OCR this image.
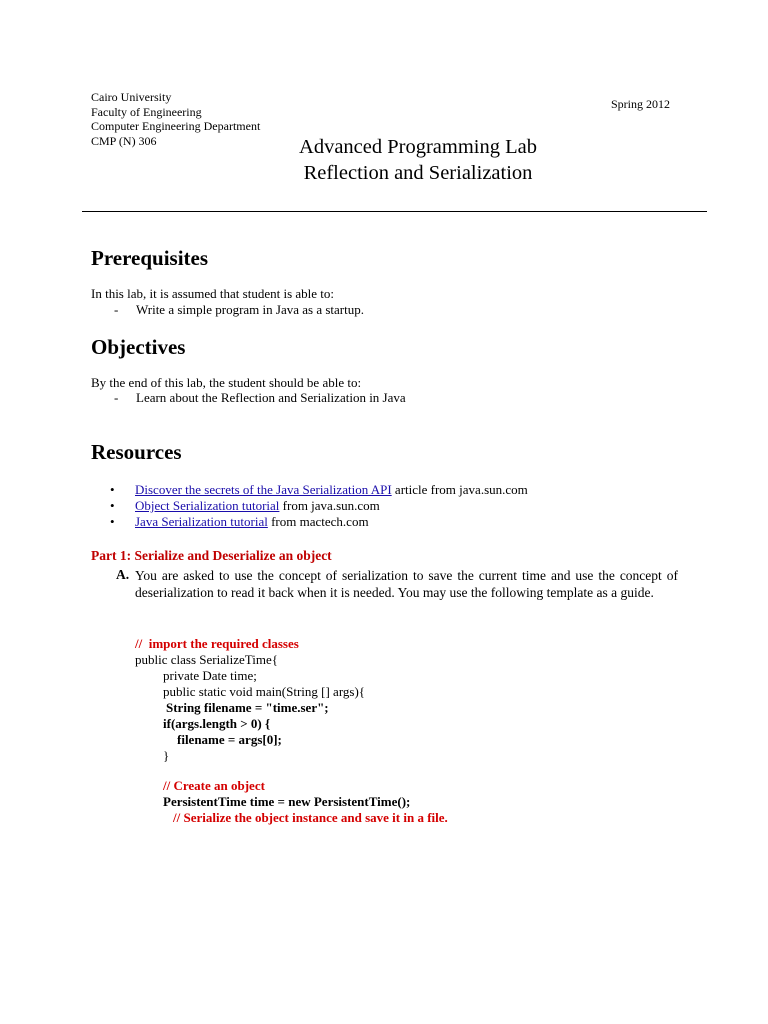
Cairo University
Faculty of Engineering
Computer Engineering Department
CMP (N) 306
Spring 2012
Advanced Programming Lab
Reflection and Serialization
Prerequisites
In this lab, it is assumed that student is able to:
- Write a simple program in Java as a startup.
Objectives
By the end of this lab, the student should be able to:
- Learn about the Reflection and Serialization in Java
Resources
• Discover the secrets of the Java Serialization API article from java.sun.com
• Object Serialization tutorial from java.sun.com
• Java Serialization tutorial from mactech.com
Part 1: Serialize and Deserialize an object
A. You are asked to use the concept of serialization to save the current time and use the concept of deserialization to read it back when it is needed. You may use the following template as a guide.
//  import the required classes
public class SerializeTime{
private Date time;
public static void main(String [] args){
String filename = "time.ser";
if(args.length > 0) {
filename = args[0];
}
// Create an object
PersistentTime time = new PersistentTime();
// Serialize the object instance and save it in a file.
